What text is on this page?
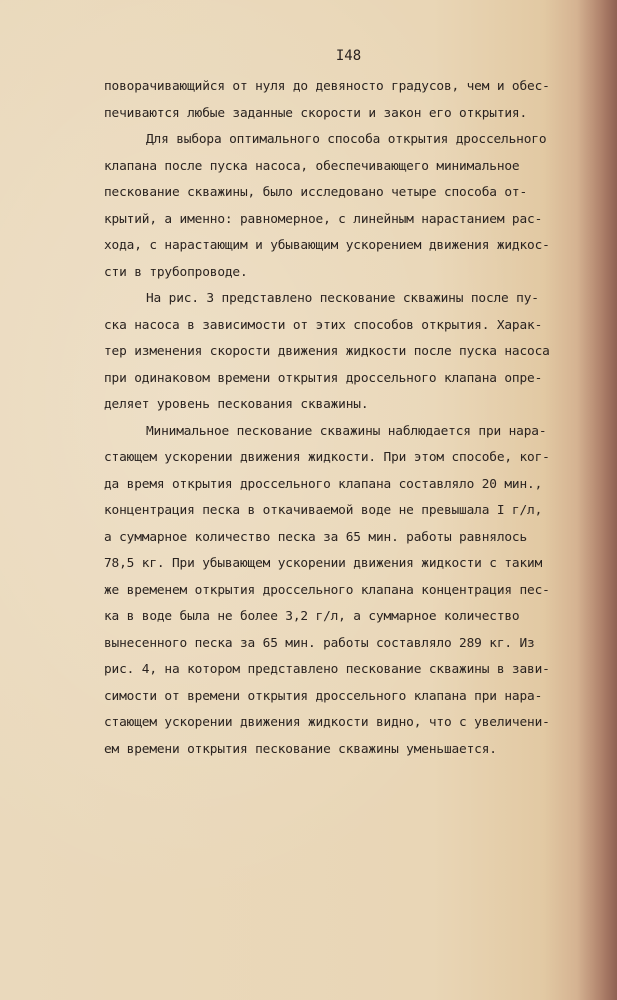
I48
поворачивающийся от нуля до девяносто градусов, чем и обес-
печиваются любые заданные скорости и закон его открытия.
Для выбора оптимального способа открытия дроссельного
клапана после пуска насоса, обеспечивающего минимальное
пескование скважины, было исследовано четыре способа от-
крытий, а именно: равномерное, с линейным нарастанием рас-
хода, с нарастающим и убывающим ускорением движения жидкос-
сти в трубопроводе.
На рис. 3 представлено пескование скважины после пу-
ска насоса в зависимости от этих способов открытия. Харак-
тер изменения скорости движения жидкости после пуска насоса
при одинаковом времени открытия дроссельного клапана опре-
деляет уровень пескования скважины.
Минимальное пескование скважины наблюдается при нара-
стающем ускорении движения жидкости. При этом способе, ког-
да время открытия дроссельного клапана составляло 20 мин.,
концентрация песка в откачиваемой воде не превышала I г/л,
а суммарное количество песка за 65 мин. работы равнялось
78,5 кг. При убывающем ускорении движения жидкости с таким
же временем открытия дроссельного клапана концентрация пес-
ка в воде была не более 3,2 г/л, а суммарное количество
вынесенного песка за 65 мин. работы составляло 289 кг. Из
рис. 4, на котором представлено пескование скважины в зави-
симости от времени открытия дроссельного клапана при нара-
стающем ускорении движения жидкости видно, что с увеличени-
ем времени открытия пескование скважины уменьшается.
